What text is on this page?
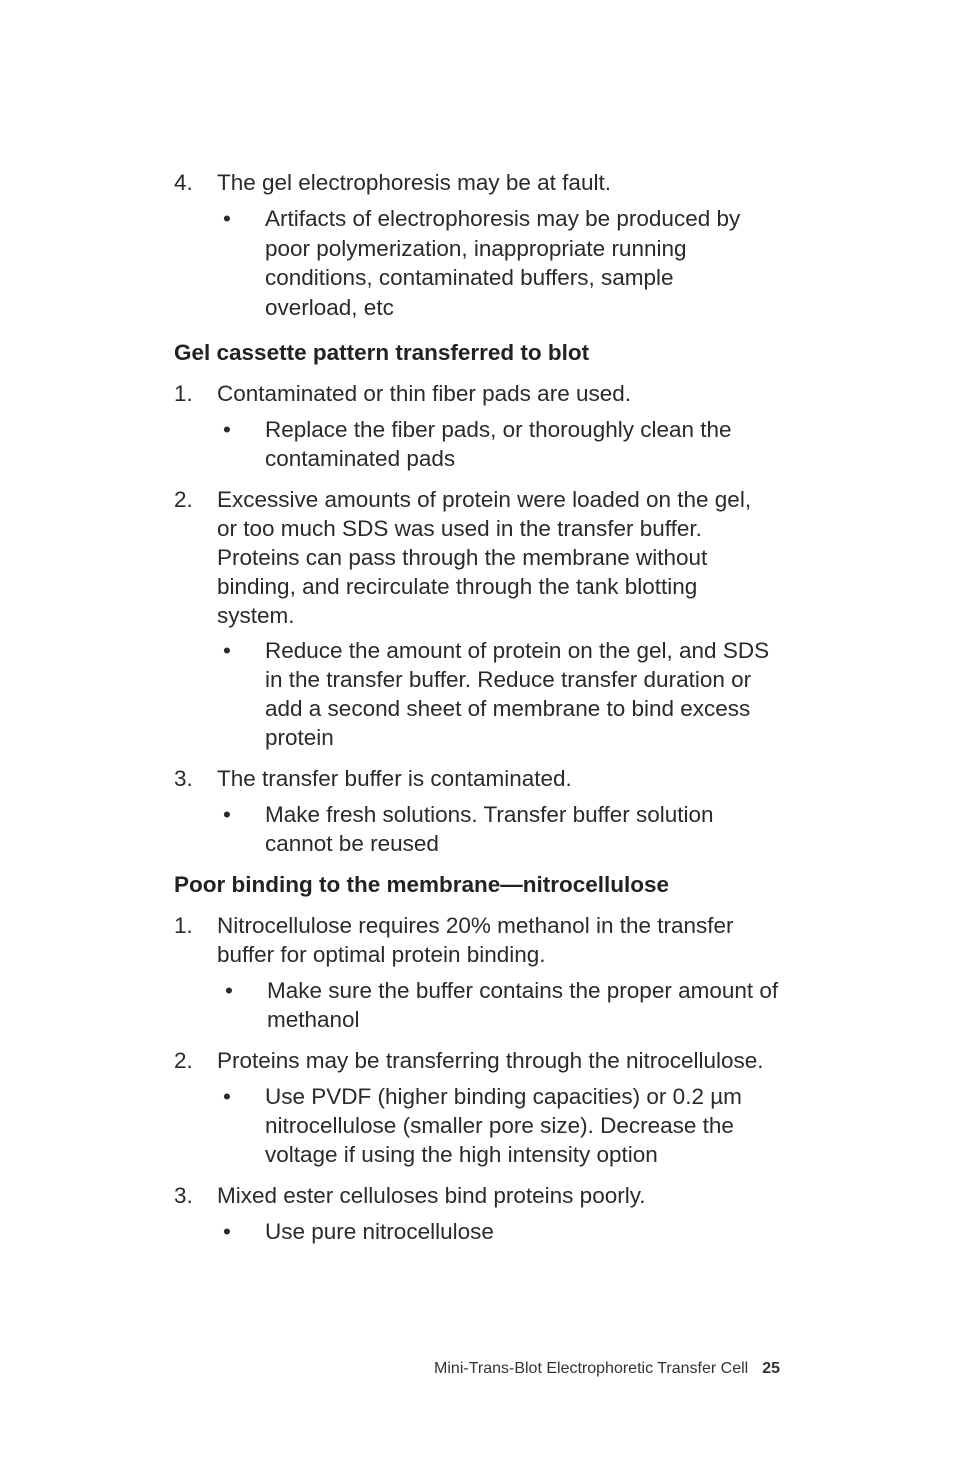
4. The gel electrophoresis may be at fault.
• Artifacts of electrophoresis may be produced by poor polymerization, inappropriate running conditions, contaminated buffers, sample overload, etc
Gel cassette pattern transferred to blot
1. Contaminated or thin fiber pads are used.
• Replace the fiber pads, or thoroughly clean the contaminated pads
2. Excessive amounts of protein were loaded on the gel, or too much SDS was used in the transfer buffer. Proteins can pass through the membrane without binding, and recirculate through the tank blotting system.
• Reduce the amount of protein on the gel, and SDS in the transfer buffer. Reduce transfer duration or add a second sheet of membrane to bind excess protein
3. The transfer buffer is contaminated.
• Make fresh solutions. Transfer buffer solution cannot be reused
Poor binding to the membrane—nitrocellulose
1. Nitrocellulose requires 20% methanol in the transfer buffer for optimal protein binding.
• Make sure the buffer contains the proper amount of methanol
2. Proteins may be transferring through the nitrocellulose.
• Use PVDF (higher binding capacities) or 0.2 µm nitrocellulose (smaller pore size). Decrease the voltage if using the high intensity option
3. Mixed ester celluloses bind proteins poorly.
• Use pure nitrocellulose
Mini-Trans-Blot Electrophoretic Transfer Cell 25
